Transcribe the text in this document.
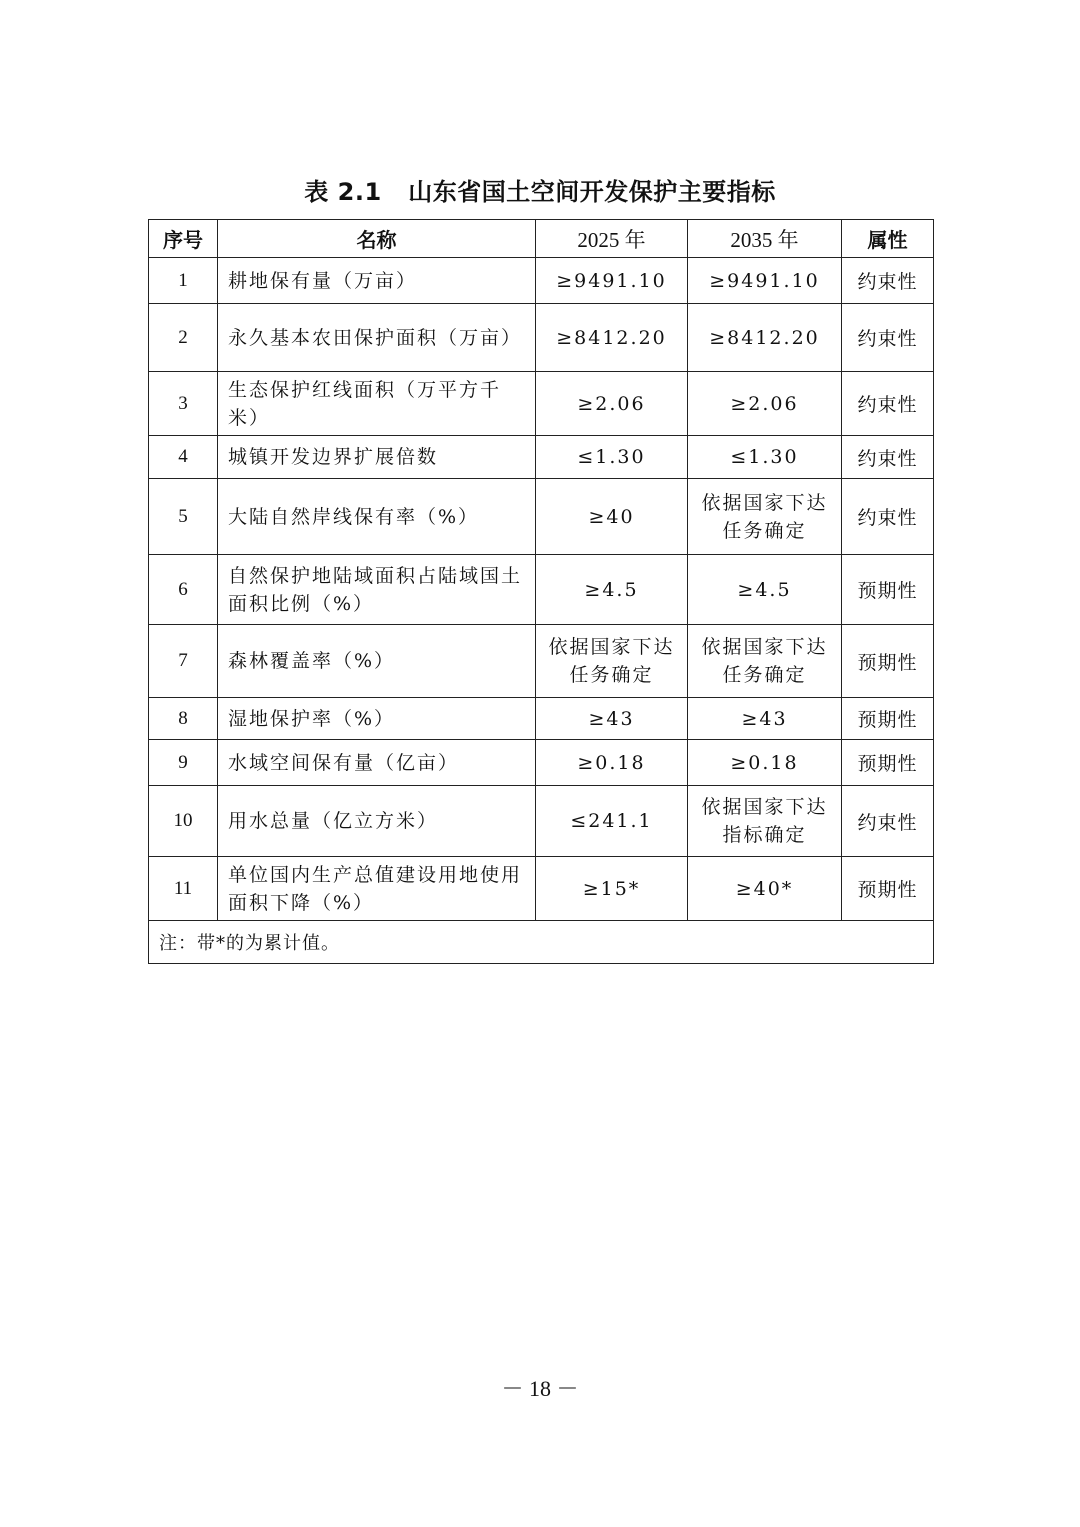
表 2.1   山东省国土空间开发保护主要指标
序号	名称	2025 年	2035 年	属性
1	耕地保有量（万亩）	≥9491.10	≥9491.10	约束性
2	永久基本农田保护面积（万亩）	≥8412.20	≥8412.20	约束性
3	生态保护红线面积（万平方千米）	≥2.06	≥2.06	约束性
4	城镇开发边界扩展倍数	≤1.30	≤1.30	约束性
5	大陆自然岸线保有率（%）	≥40	依据国家下达任务确定	约束性
6	自然保护地陆域面积占陆域国土面积比例（%）	≥4.5	≥4.5	预期性
7	森林覆盖率（%）	依据国家下达任务确定	依据国家下达任务确定	预期性
8	湿地保护率（%）	≥43	≥43	预期性
9	水域空间保有量（亿亩）	≥0.18	≥0.18	预期性
10	用水总量（亿立方米）	≤241.1	依据国家下达指标确定	约束性
11	单位国内生产总值建设用地使用面积下降（%）	≥15*	≥40*	预期性
注：带*的为累计值。				
－ 18 －
